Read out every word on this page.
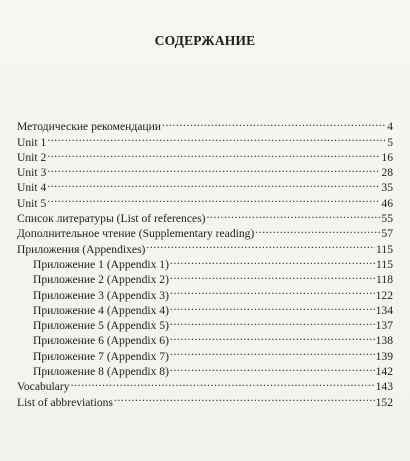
СОДЕРЖАНИЕ
Методические рекомендации .....	4
Unit 1 .....	5
Unit 2 .....	16
Unit 3 .....	28
Unit 4 .....	35
Unit 5 .....	46
Список литературы (List of references) .....	55
Дополнительное чтение (Supplementary reading) .....	57
Приложения (Appendixes) .....	115
Приложение 1 (Appendix 1) .....	115
Приложение 2 (Appendix 2) .....	118
Приложение 3 (Appendix 3) .....	122
Приложение 4 (Appendix 4) .....	134
Приложение 5 (Appendix 5) .....	137
Приложение 6 (Appendix 6) .....	138
Приложение 7 (Appendix 7) .....	139
Приложение 8 (Appendix 8) .....	142
Vocabulary .....	143
List of abbreviations .....	152
